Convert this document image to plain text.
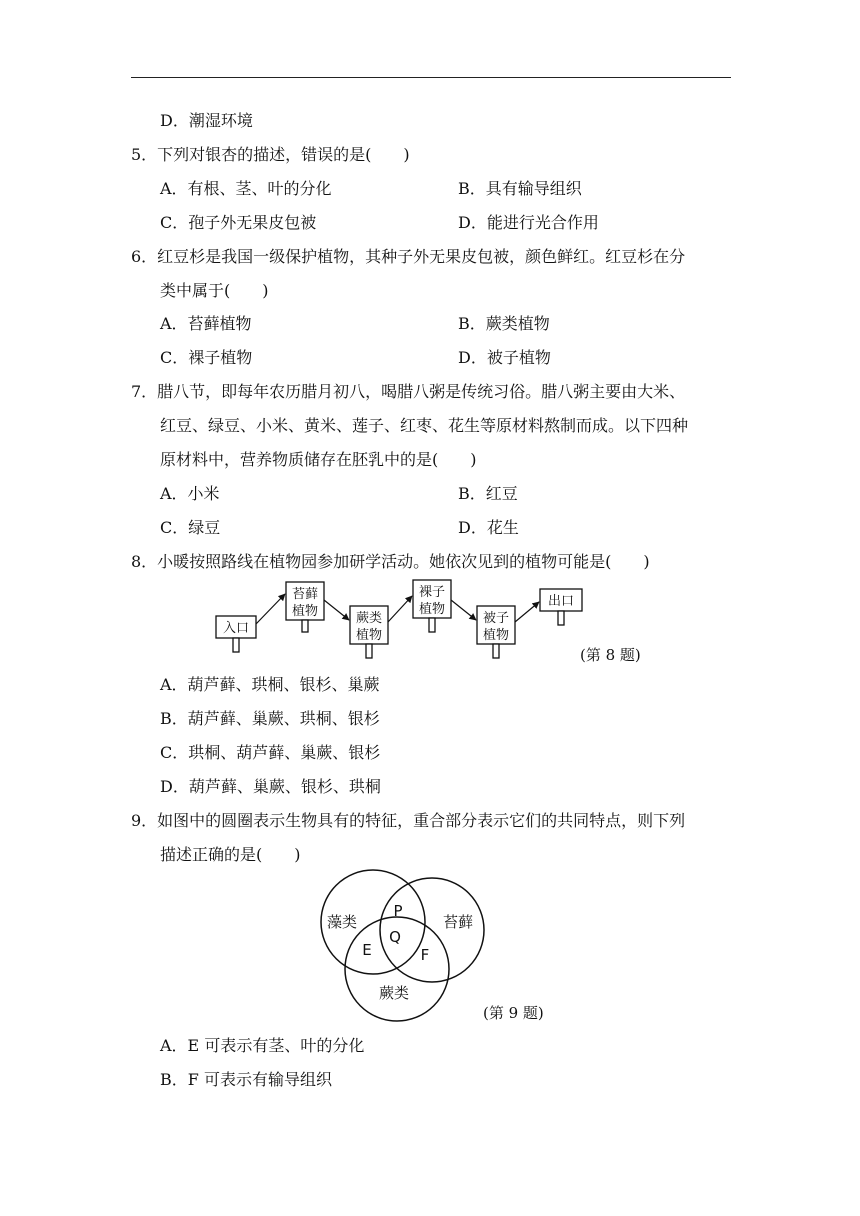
D．潮湿环境
5．下列对银杏的描述，错误的是(　　)
A．有根、茎、叶的分化	B．具有输导组织
C．孢子外无果皮包被	D．能进行光合作用
6．红豆杉是我国一级保护植物，其种子外无果皮包被，颜色鲜红。红豆杉在分
类中属于(　　)
A．苔藓植物	B．蕨类植物
C．裸子植物	D．被子植物
7．腊八节，即每年农历腊月初八，喝腊八粥是传统习俗。腊八粥主要由大米、
红豆、绿豆、小米、黄米、莲子、红枣、花生等原材料熬制而成。以下四种
原材料中，营养物质储存在胚乳中的是(　　)
A．小米	B．红豆
C．绿豆	D．花生
8．小暖按照路线在植物园参加研学活动。她依次见到的植物可能是(　　)
入口
苔藓
植物	蕨类
植物
裸子
植物
被子
植物
出口
(第 8 题)
A．葫芦藓、珙桐、银杉、巢蕨
B．葫芦藓、巢蕨、珙桐、银杉
C．珙桐、葫芦藓、巢蕨、银杉
D．葫芦藓、巢蕨、银杉、珙桐
9．如图中的圆圈表示生物具有的特征，重合部分表示它们的共同特点，则下列
描述正确的是(　　)
藻类	苔藓
蕨类
P
Q
E	F
(第 9 题)
A．E 可表示有茎、叶的分化
B．F 可表示有输导组织
